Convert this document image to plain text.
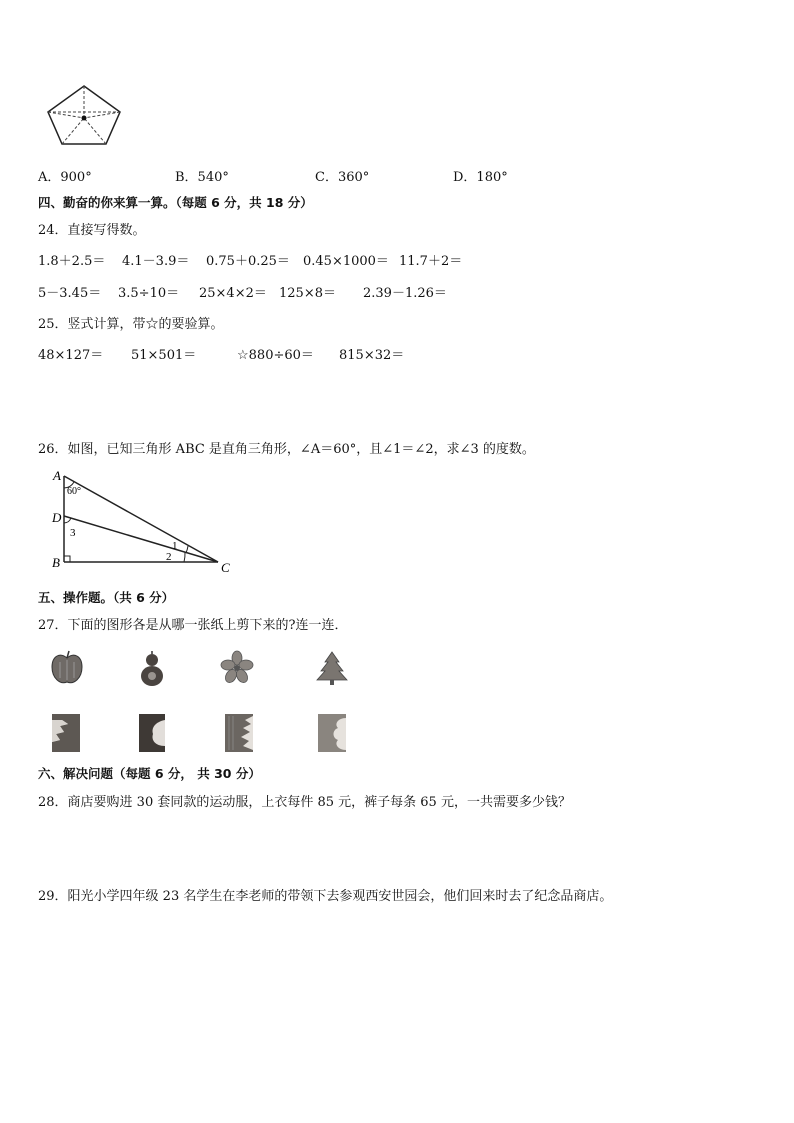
A．900°	B．540°	C．360°	D．180°
四、勤奋的你来算一算。（每题 6 分，共 18 分）
24．直接写得数。
1.8＋2.5＝ 4.1－3.9＝ 0.75＋0.25＝ 0.45×1000＝ 11.7＋2＝
5－3.45＝ 3.5÷10＝ 25×4×2＝ 125×8＝ 2.39－1.26＝
25．竖式计算，带☆的要验算。
48×127＝ 51×501＝	☆880÷60＝ 815×32＝
26．如图，已知三角形 ABC 是直角三角形，∠A＝60°，且∠1＝∠2，求∠3 的度数。
A
60°
D
3
B
1
2
C
五、操作题。（共 6 分）
27．下面的图形各是从哪一张纸上剪下来的?连一连．
六、解决问题（每题 6 分， 共 30 分）
28．商店要购进 30 套同款的运动服，上衣每件 85 元，裤子每条 65 元，一共需要多少钱？
29．阳光小学四年级 23 名学生在李老师的带领下去参观西安世园会，他们回来时去了纪念品商店。
